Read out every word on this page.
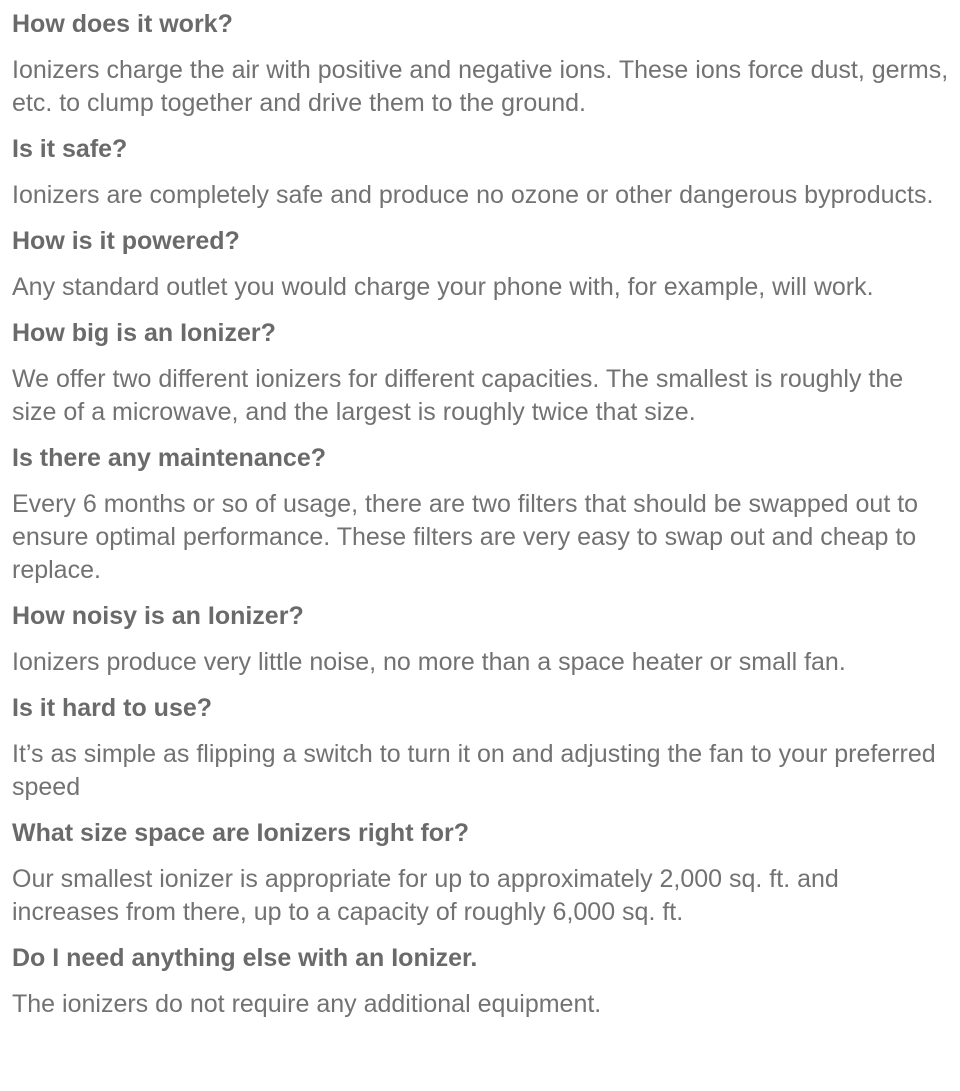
How does it work?

Ionizers charge the air with positive and negative ions. These ions force dust, germs, etc. to clump together and drive them to the ground.

Is it safe?

Ionizers are completely safe and produce no ozone or other dangerous byproducts.

How is it powered?

Any standard outlet you would charge your phone with, for example, will work.

How big is an Ionizer?

We offer two different ionizers for different capacities. The smallest is roughly the size of a microwave, and the largest is roughly twice that size.

Is there any maintenance?

Every 6 months or so of usage, there are two filters that should be swapped out to ensure optimal performance. These filters are very easy to swap out and cheap to replace.

How noisy is an Ionizer?

Ionizers produce very little noise, no more than a space heater or small fan.

Is it hard to use?

It’s as simple as flipping a switch to turn it on and adjusting the fan to your preferred speed

What size space are Ionizers right for?

Our smallest ionizer is appropriate for up to approximately 2,000 sq. ft. and increases from there, up to a capacity of roughly 6,000 sq. ft.

Do I need anything else with an Ionizer.

The ionizers do not require any additional equipment.
